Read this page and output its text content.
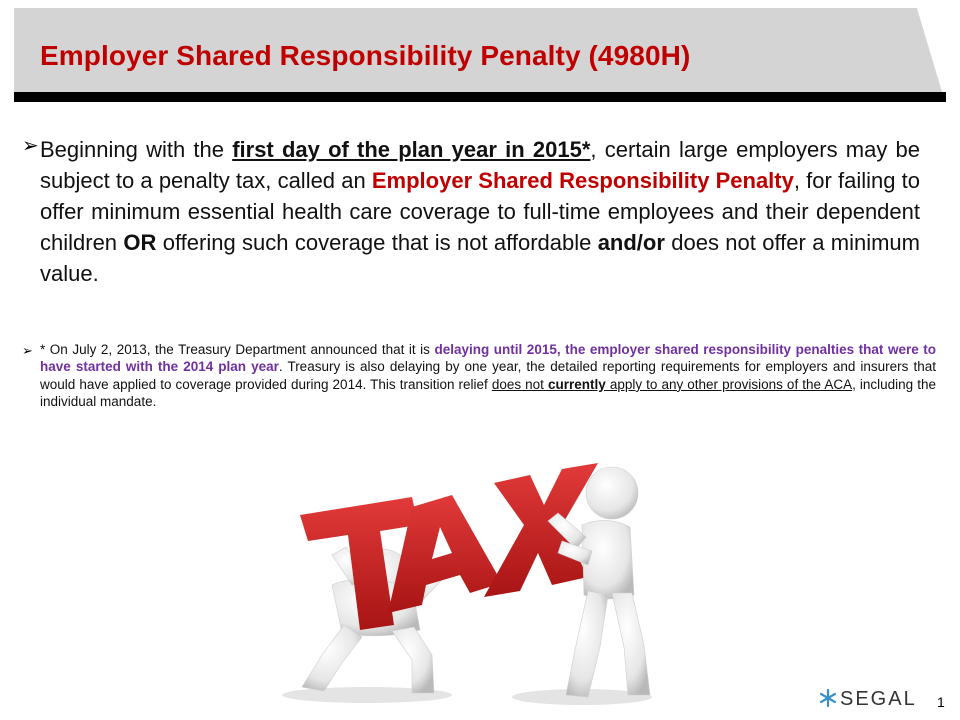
Employer Shared Responsibility Penalty (4980H)
➢ Beginning with the first day of the plan year in 2015*, certain large employers may be subject to a penalty tax, called an Employer Shared Responsibility Penalty, for failing to offer minimum essential health care coverage to full-time employees and their dependent children OR offering such coverage that is not affordable and/or does not offer a minimum value.

➢ * On July 2, 2013, the Treasury Department announced that it is delaying until 2015, the employer shared responsibility penalties that were to have started with the 2014 plan year. Treasury is also delaying by one year, the detailed reporting requirements for employers and insurers that would have applied to coverage provided during 2014. This transition relief does not currently apply to any other provisions of the ACA, including the individual mandate.

SEGAL 1
